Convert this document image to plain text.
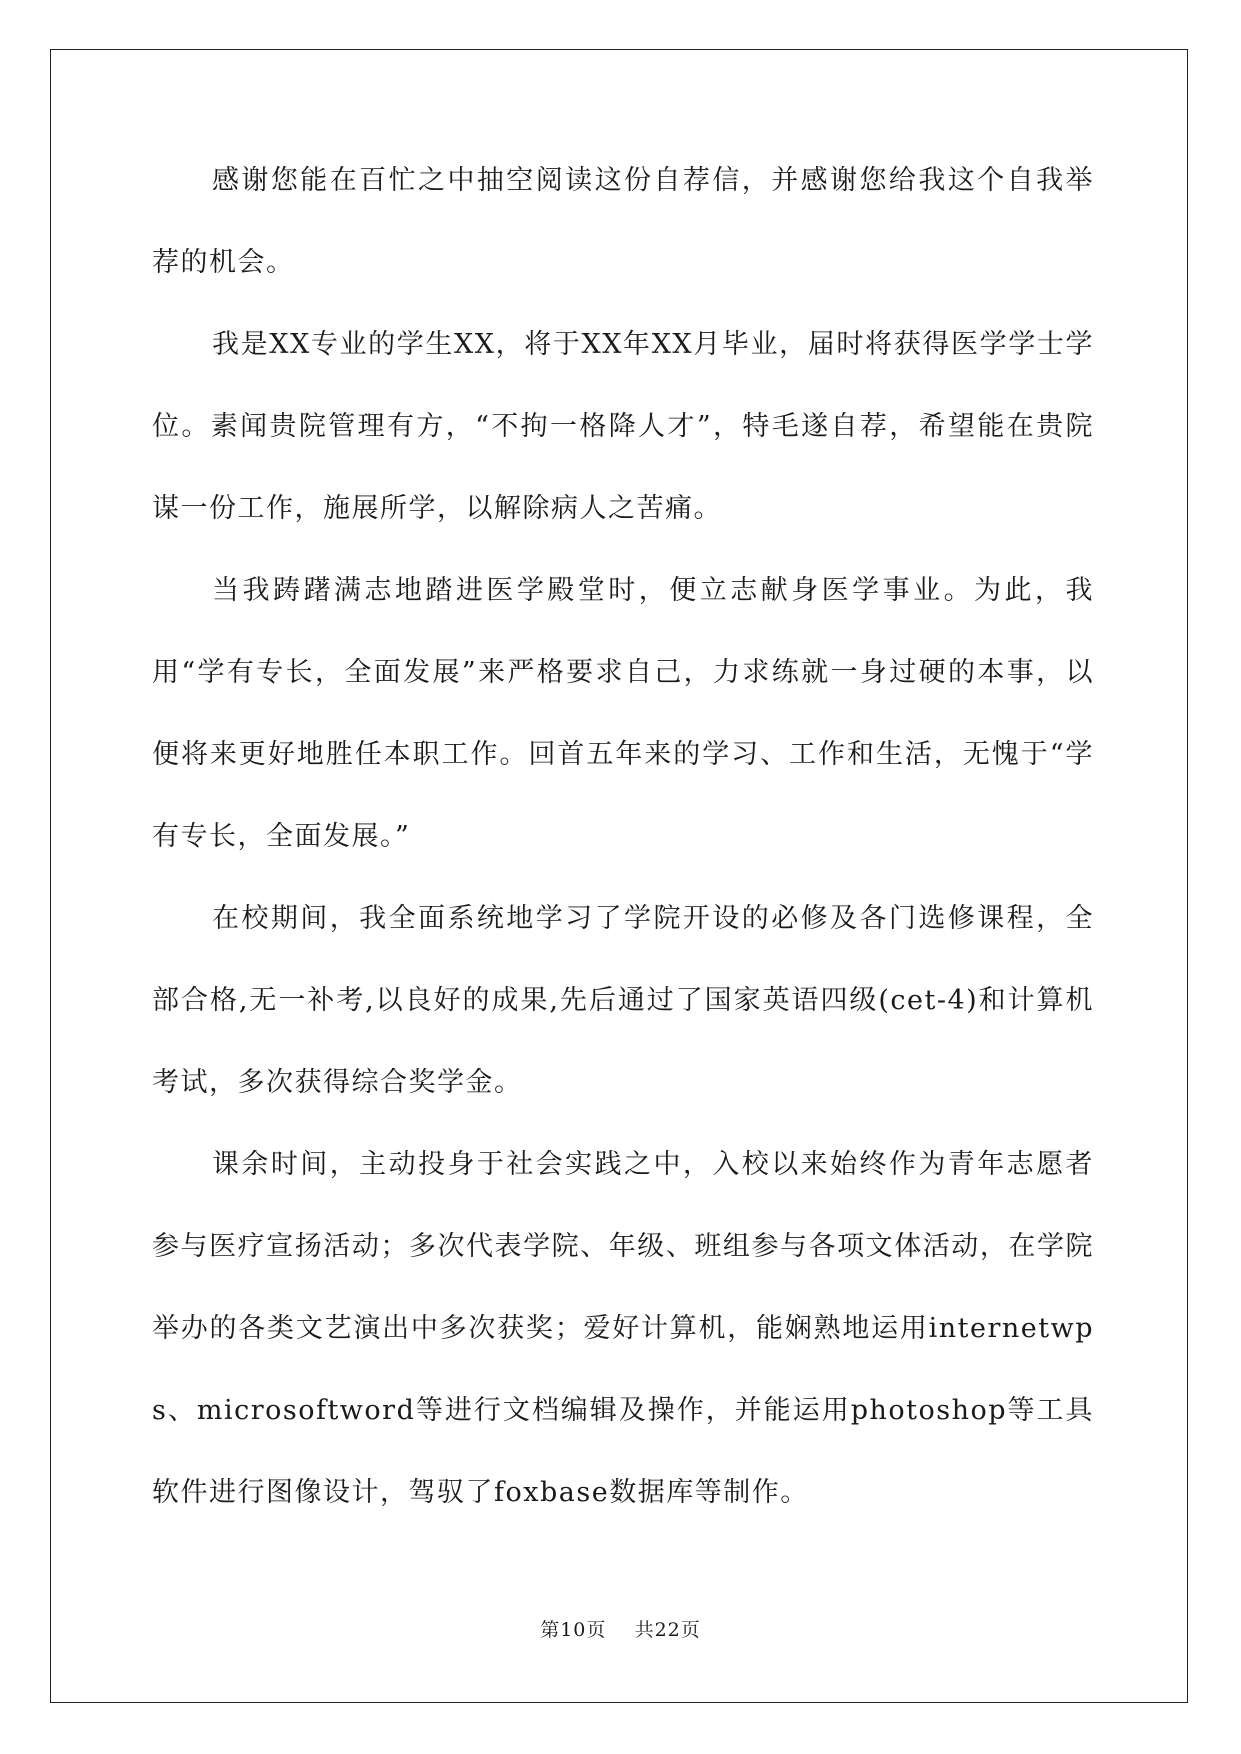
感谢您能在百忙之中抽空阅读这份自荐信，并感谢您给我这个自我举荐的机会。

我是XX专业的学生XX，将于XX年XX月毕业，届时将获得医学学士学位。素闻贵院管理有方，“不拘一格降人才”，特毛遂自荐，希望能在贵院谋一份工作，施展所学，以解除病人之苦痛。

当我踌躇满志地踏进医学殿堂时，便立志献身医学事业。为此，我用“学有专长，全面发展”来严格要求自己，力求练就一身过硬的本事，以便将来更好地胜任本职工作。回首五年来的学习、工作和生活，无愧于“学有专长，全面发展。”

在校期间，我全面系统地学习了学院开设的必修及各门选修课程，全部合格,无一补考,以良好的成果,先后通过了国家英语四级(cet-4)和计算机考试，多次获得综合奖学金。

课余时间，主动投身于社会实践之中，入校以来始终作为青年志愿者参与医疗宣扬活动；多次代表学院、年级、班组参与各项文体活动，在学院举办的各类文艺演出中多次获奖；爱好计算机，能娴熟地运用internetwps、microsoftword等进行文档编辑及操作，并能运用photoshop等工具软件进行图像设计，驾驭了foxbase数据库等制作。

第10页 共22页
